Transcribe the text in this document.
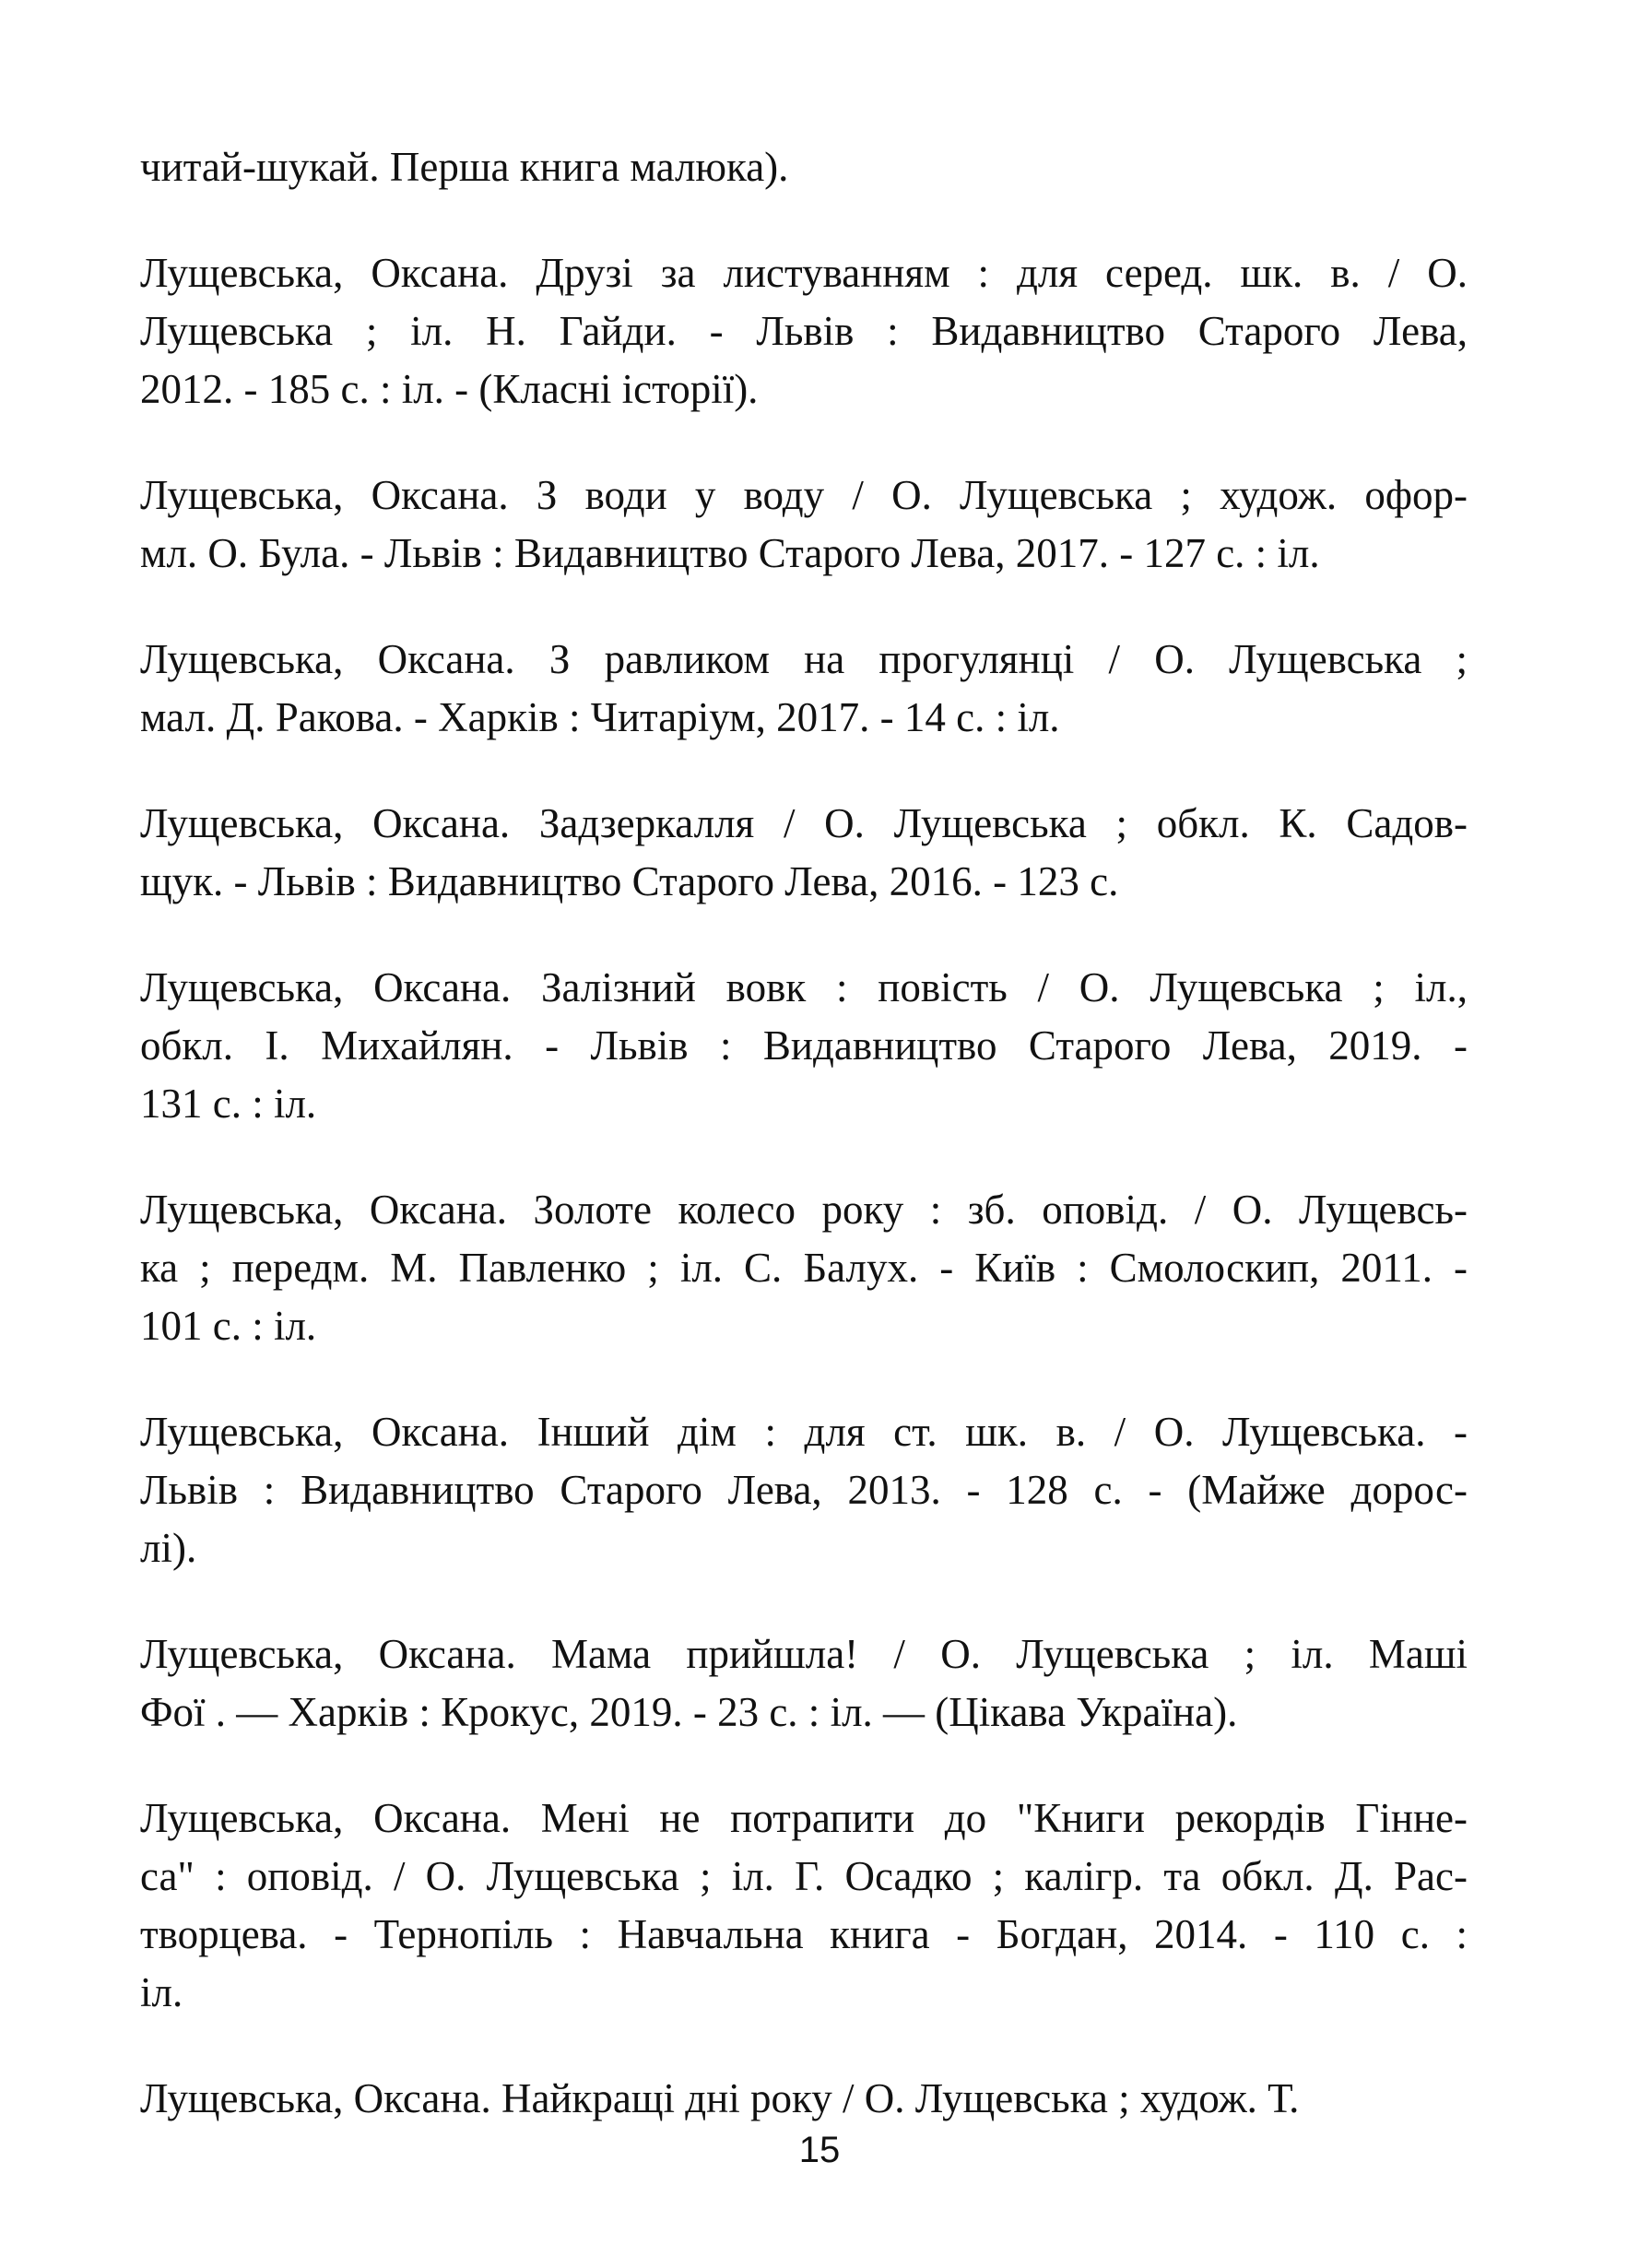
читай-шукай. Перша книга малюка).
Лущевська, Оксана. Друзі за листуванням : для серед. шк. в. / О.
Лущевська ; іл. Н. Гайди. - Львів : Видавництво Старого Лева,
2012. - 185 с. : іл. - (Класні історії).
Лущевська, Оксана. З води у воду / О. Лущевська ; худож. офор-
мл. О. Була. - Львів : Видавництво Старого Лева, 2017. - 127 с. : іл.
Лущевська, Оксана. З равликом на прогулянці / О. Лущевська ;
мал. Д. Ракова. - Харків : Читаріум, 2017. - 14 с. : іл.
Лущевська, Оксана. Задзеркалля / О. Лущевська ; обкл. К. Садов-
щук. - Львів : Видавництво Старого Лева, 2016. - 123 с.
Лущевська, Оксана. Залізний вовк : повість / О. Лущевська ; іл.,
обкл. І. Михайлян. - Львів : Видавництво Старого Лева, 2019. -
131 с. : іл.
Лущевська, Оксана. Золоте колесо року : зб. оповід. / О. Лущевсь-
ка ; передм. М. Павленко ; іл. С. Балух. - Київ : Смолоскип, 2011. -
101 с. : іл.
Лущевська, Оксана. Інший дім : для ст. шк. в. / О. Лущевська. -
Львів : Видавництво Старого Лева, 2013. - 128 с. - (Майже дорос-
лі).
Лущевська, Оксана. Мама прийшла! / О. Лущевська ; іл. Маші
Фої . — Харків : Крокус, 2019. - 23 с. : іл. — (Цікава Україна).
Лущевська, Оксана. Мені не потрапити до "Книги рекордів Гіннe-
са" : оповід. / О. Лущевська ; іл. Г. Осадко ; калігр. та обкл. Д. Рас-
творцева. - Тернопіль : Навчальна книга - Богдан, 2014. - 110 с. :
іл.
Лущевська, Оксана. Найкращі дні року / О. Лущевська ; худож. Т.
15
